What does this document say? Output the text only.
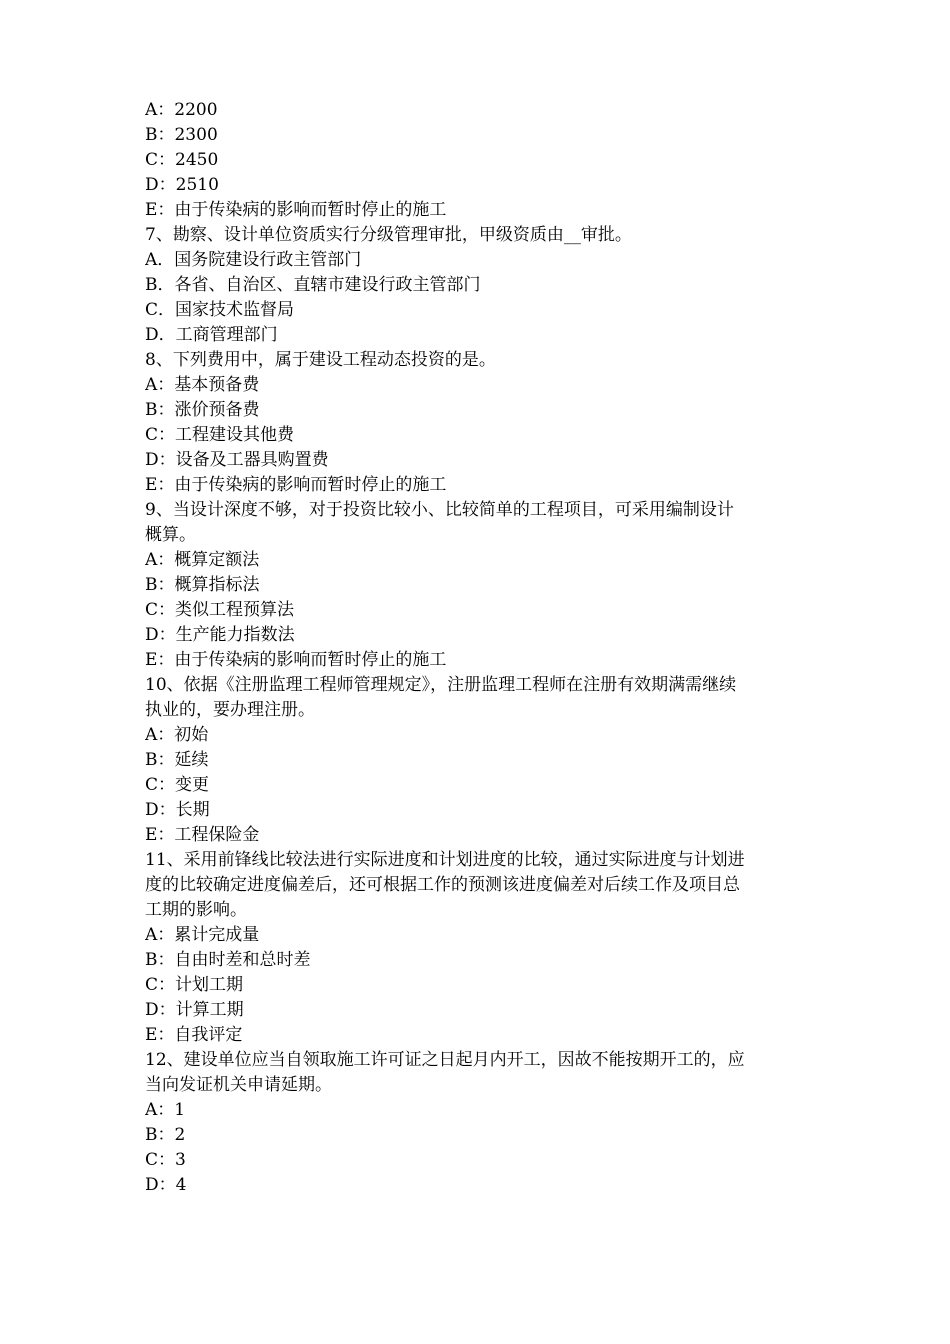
A：2200
B：2300
C：2450
D：2510
E：由于传染病的影响而暂时停止的施工
7、勘察、设计单位资质实行分级管理审批，甲级资质由__审批。
A．国务院建设行政主管部门
B．各省、自治区、直辖市建设行政主管部门
C．国家技术监督局
D．工商管理部门
8、下列费用中，属于建设工程动态投资的是。
A：基本预备费
B：涨价预备费
C：工程建设其他费
D：设备及工器具购置费
E：由于传染病的影响而暂时停止的施工
9、当设计深度不够，对于投资比较小、比较简单的工程项目，可采用编制设计
概算。
A：概算定额法
B：概算指标法
C：类似工程预算法
D：生产能力指数法
E：由于传染病的影响而暂时停止的施工
10、依据《注册监理工程师管理规定》，注册监理工程师在注册有效期满需继续
执业的，要办理注册。
A：初始
B：延续
C：变更
D：长期
E：工程保险金
11、采用前锋线比较法进行实际进度和计划进度的比较，通过实际进度与计划进
度的比较确定进度偏差后，还可根据工作的预测该进度偏差对后续工作及项目总
工期的影响。
A：累计完成量
B：自由时差和总时差
C：计划工期
D：计算工期
E：自我评定
12、建设单位应当自领取施工许可证之日起月内开工，因故不能按期开工的，应
当向发证机关申请延期。
A：1
B：2
C：3
D：4
